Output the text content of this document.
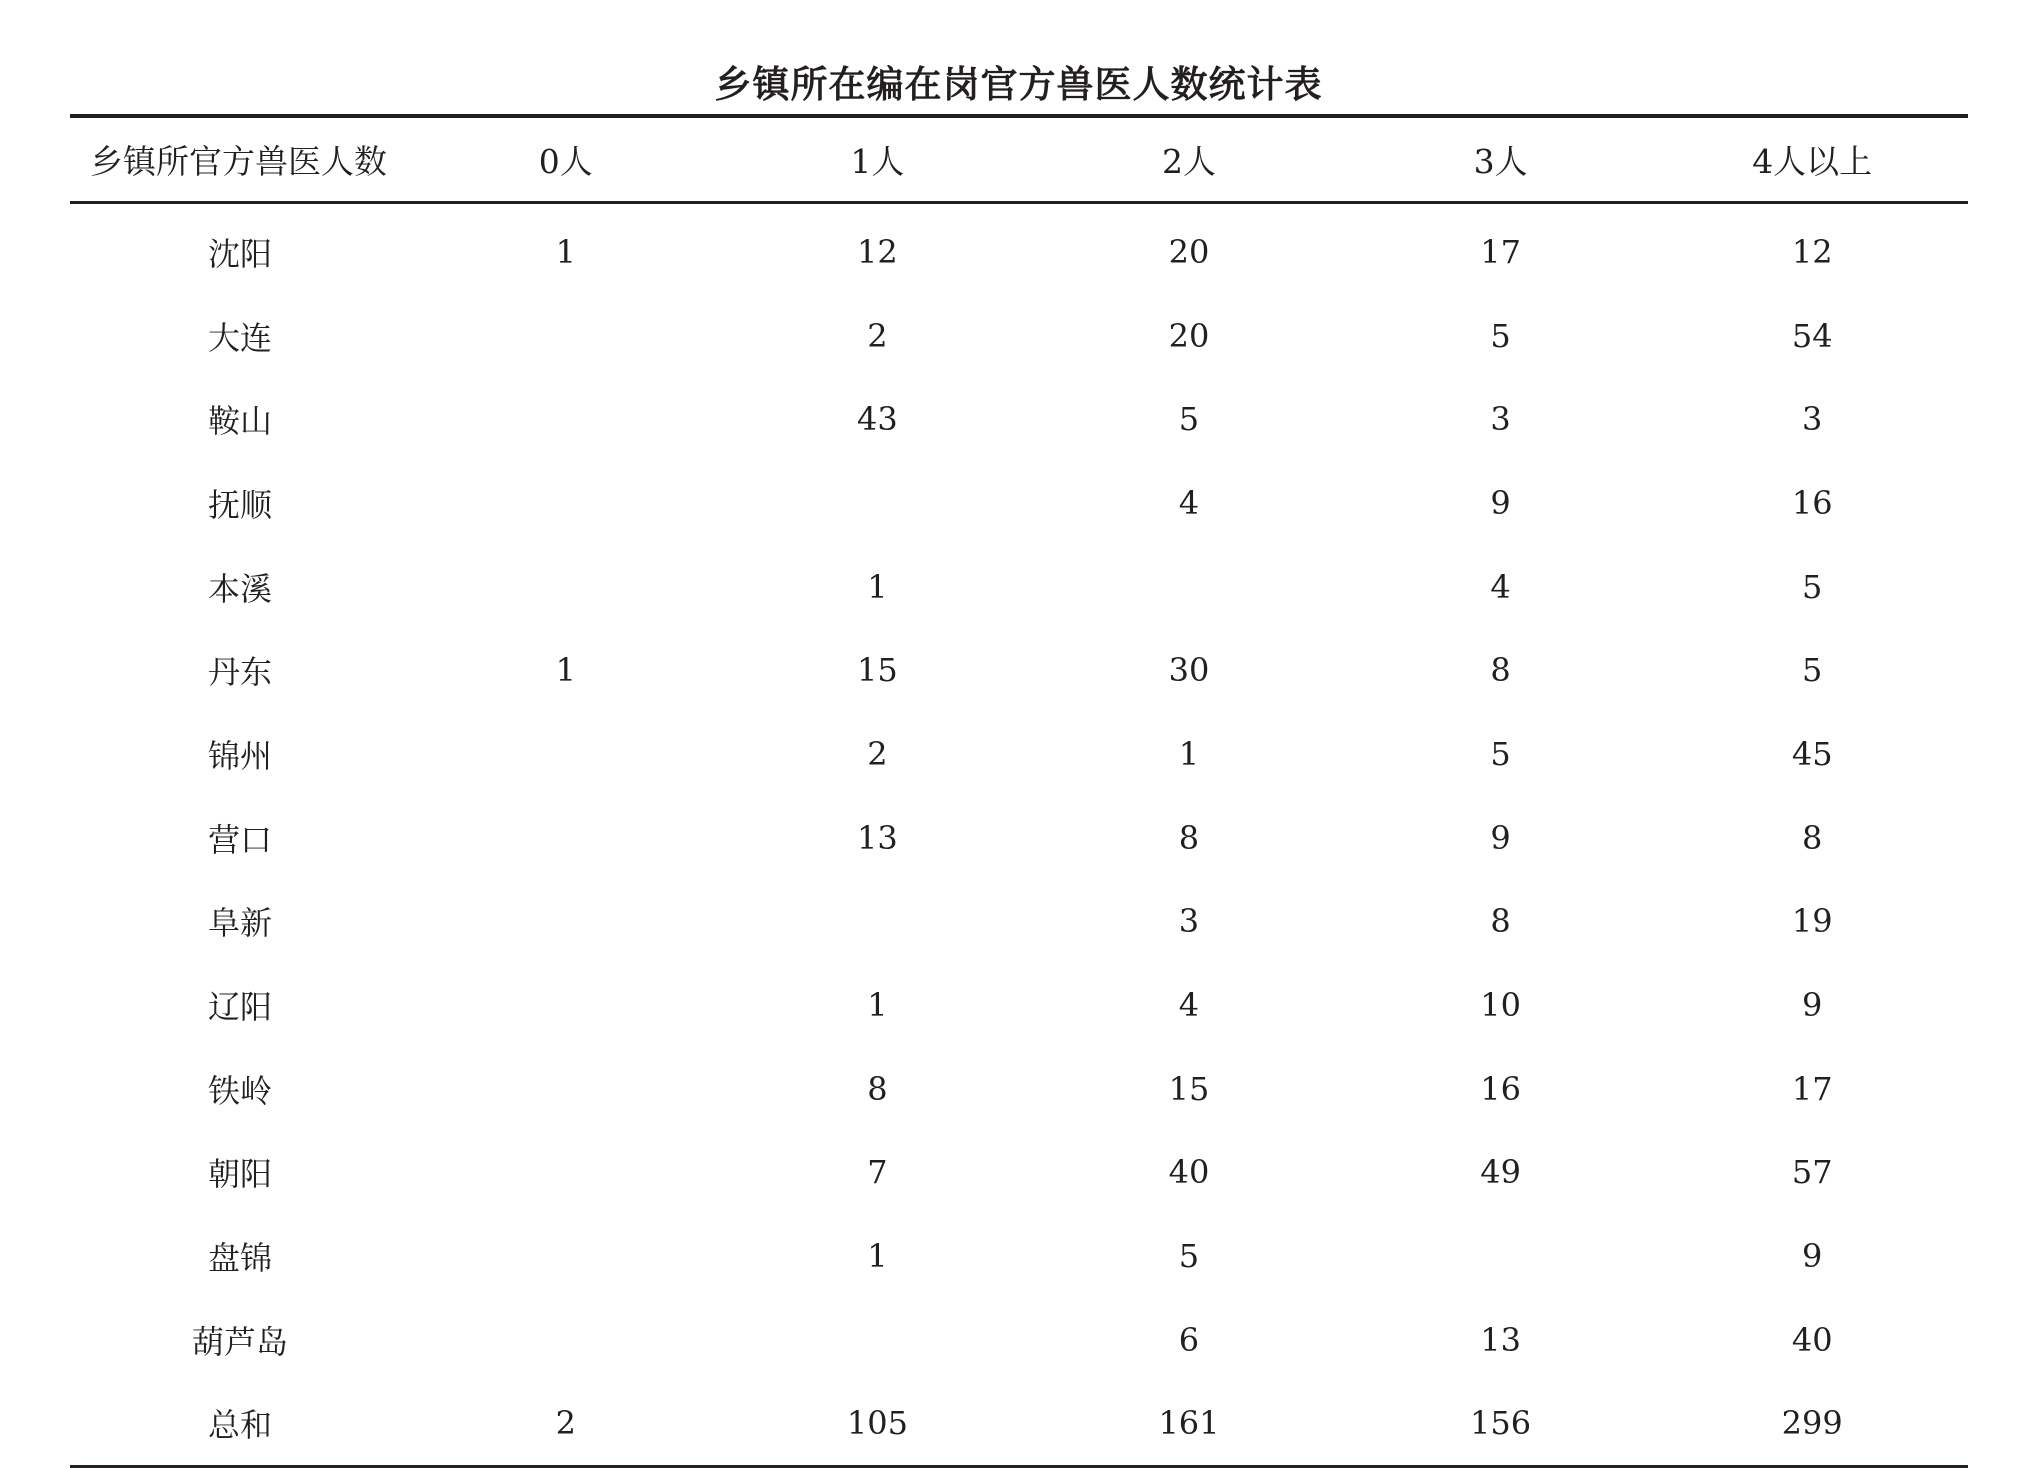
乡镇所在编在岗官方兽医人数统计表
乡镇所官方兽医人数	0人	1人	2人	3人	4人以上
沈阳	1	12	20	17	12
大连		2	20	5	54
鞍山		43	5	3	3
抚顺			4	9	16
本溪		1		4	5
丹东	1	15	30	8	5
锦州		2	1	5	45
营口		13	8	9	8
阜新			3	8	19
辽阳		1	4	10	9
铁岭		8	15	16	17
朝阳		7	40	49	57
盘锦		1	5		9
葫芦岛			6	13	40
总和	2	105	161	156	299
